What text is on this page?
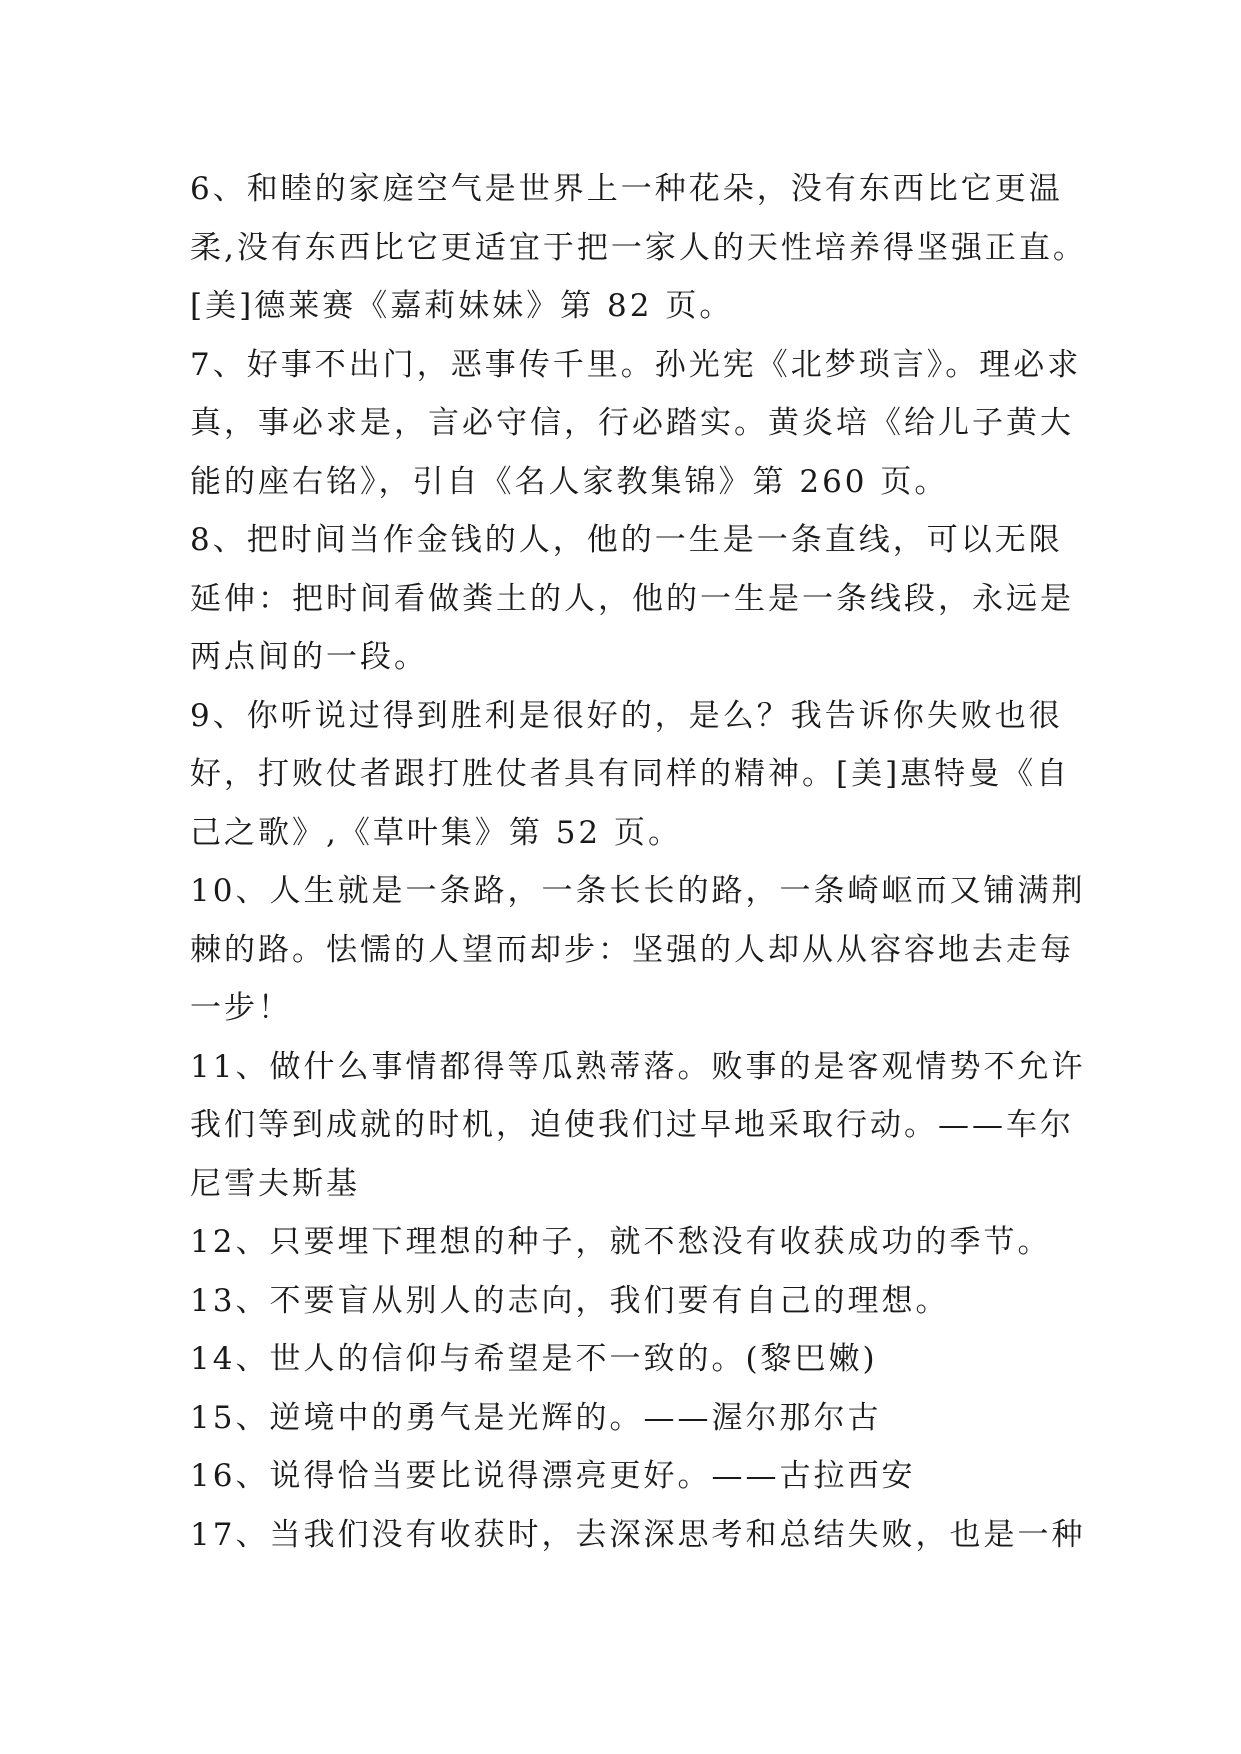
6、和睦的家庭空气是世界上一种花朵，没有东西比它更温
柔,没有东西比它更适宜于把一家人的天性培养得坚强正直。
[美]德莱赛《嘉莉妹妹》第 82 页。
7、好事不出门，恶事传千里。孙光宪《北梦琐言》。理必求
真，事必求是，言必守信，行必踏实。黄炎培《给儿子黄大
能的座右铭》，引自《名人家教集锦》第 260 页。
8、把时间当作金钱的人，他的一生是一条直线，可以无限
延伸：把时间看做粪土的人，他的一生是一条线段，永远是
两点间的一段。
9、你听说过得到胜利是很好的，是么？我告诉你失败也很
好，打败仗者跟打胜仗者具有同样的精神。[美]惠特曼《自
己之歌》,《草叶集》第 52 页。
10、人生就是一条路，一条长长的路，一条崎岖而又铺满荆
棘的路。怯懦的人望而却步：坚强的人却从从容容地去走每
一步！
11、做什么事情都得等瓜熟蒂落。败事的是客观情势不允许
我们等到成就的时机，迫使我们过早地采取行动。——车尔
尼雪夫斯基
12、只要埋下理想的种子，就不愁没有收获成功的季节。
13、不要盲从别人的志向，我们要有自己的理想。
14、世人的信仰与希望是不一致的。(黎巴嫩)
15、逆境中的勇气是光辉的。——渥尔那尔古
16、说得恰当要比说得漂亮更好。——古拉西安
17、当我们没有收获时，去深深思考和总结失败，也是一种
